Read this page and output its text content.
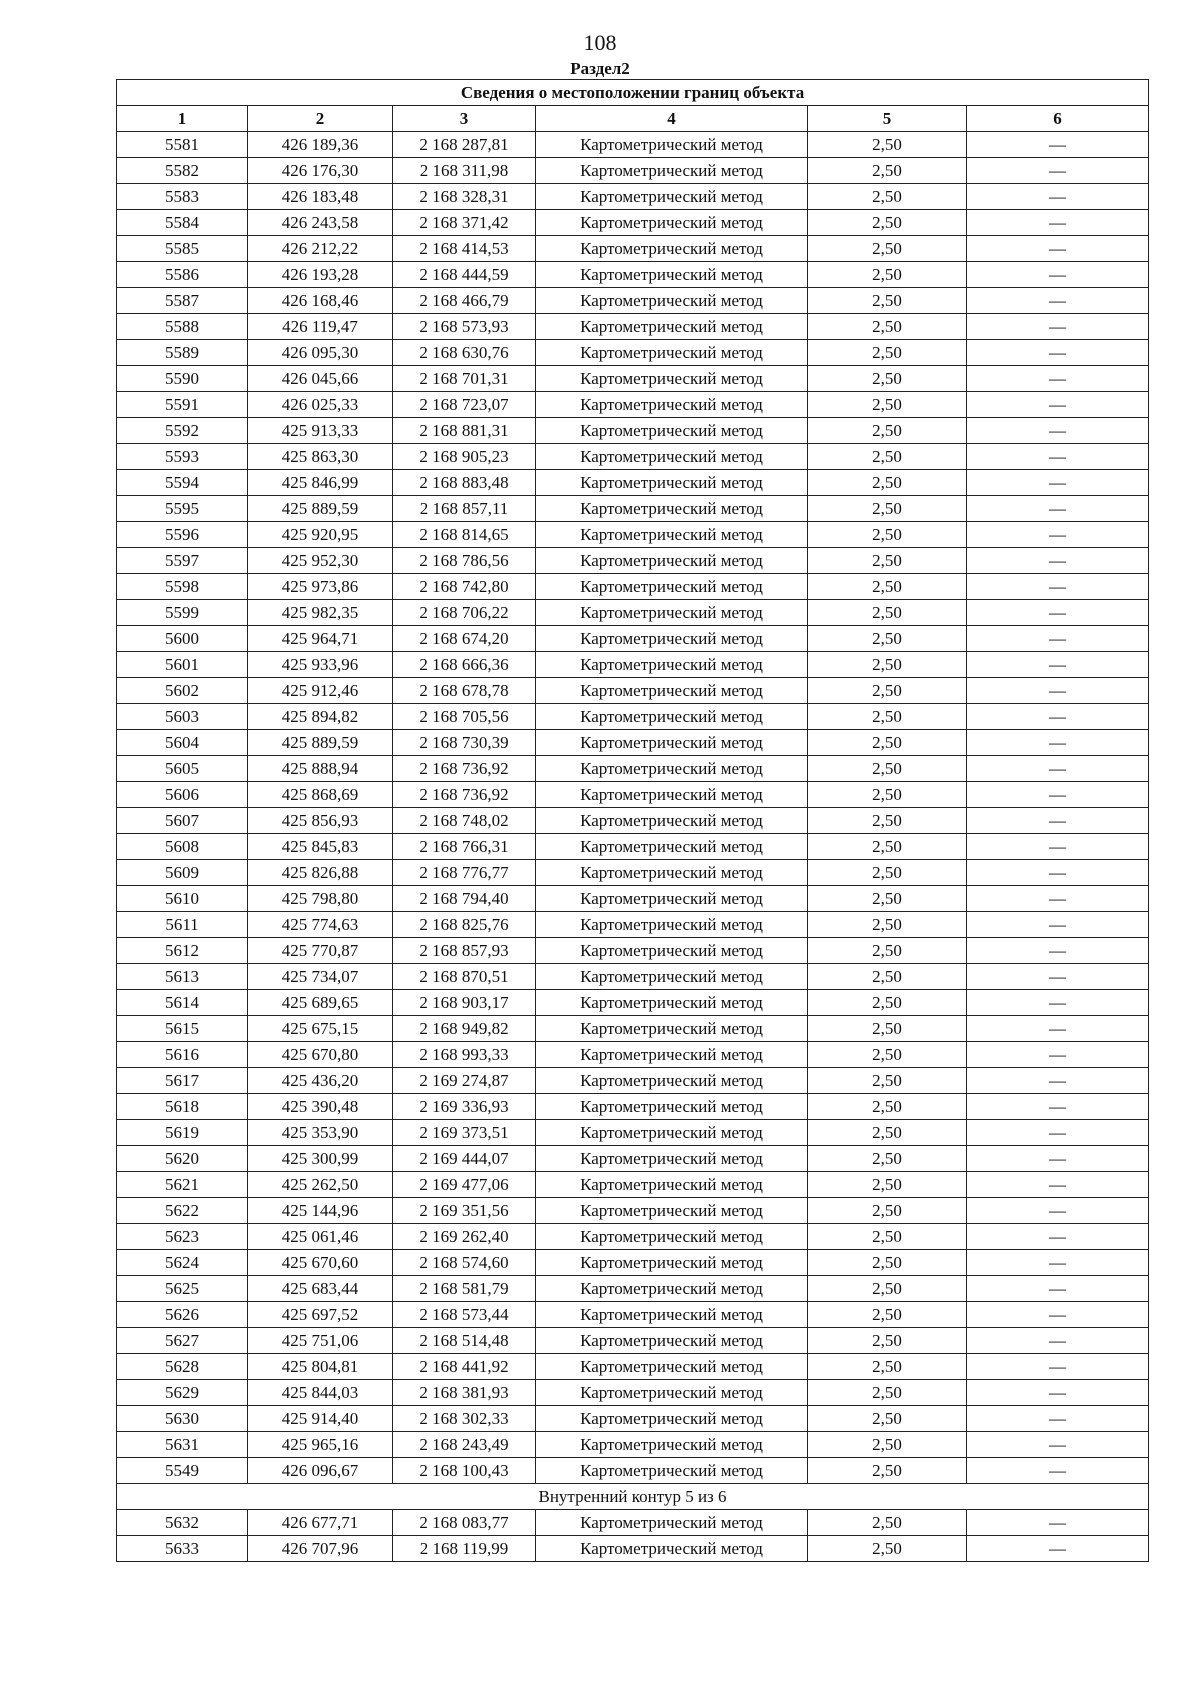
108
Раздел2
Сведения о местоположении границ объекта					
1	2	3	4	5	6
5581	426 189,36	2 168 287,81	Картометрический метод	2,50	—
5582	426 176,30	2 168 311,98	Картометрический метод	2,50	—
5583	426 183,48	2 168 328,31	Картометрический метод	2,50	—
5584	426 243,58	2 168 371,42	Картометрический метод	2,50	—
5585	426 212,22	2 168 414,53	Картометрический метод	2,50	—
5586	426 193,28	2 168 444,59	Картометрический метод	2,50	—
5587	426 168,46	2 168 466,79	Картометрический метод	2,50	—
5588	426 119,47	2 168 573,93	Картометрический метод	2,50	—
5589	426 095,30	2 168 630,76	Картометрический метод	2,50	—
5590	426 045,66	2 168 701,31	Картометрический метод	2,50	—
5591	426 025,33	2 168 723,07	Картометрический метод	2,50	—
5592	425 913,33	2 168 881,31	Картометрический метод	2,50	—
5593	425 863,30	2 168 905,23	Картометрический метод	2,50	—
5594	425 846,99	2 168 883,48	Картометрический метод	2,50	—
5595	425 889,59	2 168 857,11	Картометрический метод	2,50	—
5596	425 920,95	2 168 814,65	Картометрический метод	2,50	—
5597	425 952,30	2 168 786,56	Картометрический метод	2,50	—
5598	425 973,86	2 168 742,80	Картометрический метод	2,50	—
5599	425 982,35	2 168 706,22	Картометрический метод	2,50	—
5600	425 964,71	2 168 674,20	Картометрический метод	2,50	—
5601	425 933,96	2 168 666,36	Картометрический метод	2,50	—
5602	425 912,46	2 168 678,78	Картометрический метод	2,50	—
5603	425 894,82	2 168 705,56	Картометрический метод	2,50	—
5604	425 889,59	2 168 730,39	Картометрический метод	2,50	—
5605	425 888,94	2 168 736,92	Картометрический метод	2,50	—
5606	425 868,69	2 168 736,92	Картометрический метод	2,50	—
5607	425 856,93	2 168 748,02	Картометрический метод	2,50	—
5608	425 845,83	2 168 766,31	Картометрический метод	2,50	—
5609	425 826,88	2 168 776,77	Картометрический метод	2,50	—
5610	425 798,80	2 168 794,40	Картометрический метод	2,50	—
5611	425 774,63	2 168 825,76	Картометрический метод	2,50	—
5612	425 770,87	2 168 857,93	Картометрический метод	2,50	—
5613	425 734,07	2 168 870,51	Картометрический метод	2,50	—
5614	425 689,65	2 168 903,17	Картометрический метод	2,50	—
5615	425 675,15	2 168 949,82	Картометрический метод	2,50	—
5616	425 670,80	2 168 993,33	Картометрический метод	2,50	—
5617	425 436,20	2 169 274,87	Картометрический метод	2,50	—
5618	425 390,48	2 169 336,93	Картометрический метод	2,50	—
5619	425 353,90	2 169 373,51	Картометрический метод	2,50	—
5620	425 300,99	2 169 444,07	Картометрический метод	2,50	—
5621	425 262,50	2 169 477,06	Картометрический метод	2,50	—
5622	425 144,96	2 169 351,56	Картометрический метод	2,50	—
5623	425 061,46	2 169 262,40	Картометрический метод	2,50	—
5624	425 670,60	2 168 574,60	Картометрический метод	2,50	—
5625	425 683,44	2 168 581,79	Картометрический метод	2,50	—
5626	425 697,52	2 168 573,44	Картометрический метод	2,50	—
5627	425 751,06	2 168 514,48	Картометрический метод	2,50	—
5628	425 804,81	2 168 441,92	Картометрический метод	2,50	—
5629	425 844,03	2 168 381,93	Картометрический метод	2,50	—
5630	425 914,40	2 168 302,33	Картометрический метод	2,50	—
5631	425 965,16	2 168 243,49	Картометрический метод	2,50	—
5549	426 096,67	2 168 100,43	Картометрический метод	2,50	—
Внутренний контур 5 из 6					
5632	426 677,71	2 168 083,77	Картометрический метод	2,50	—
5633	426 707,96	2 168 119,99	Картометрический метод	2,50	—
